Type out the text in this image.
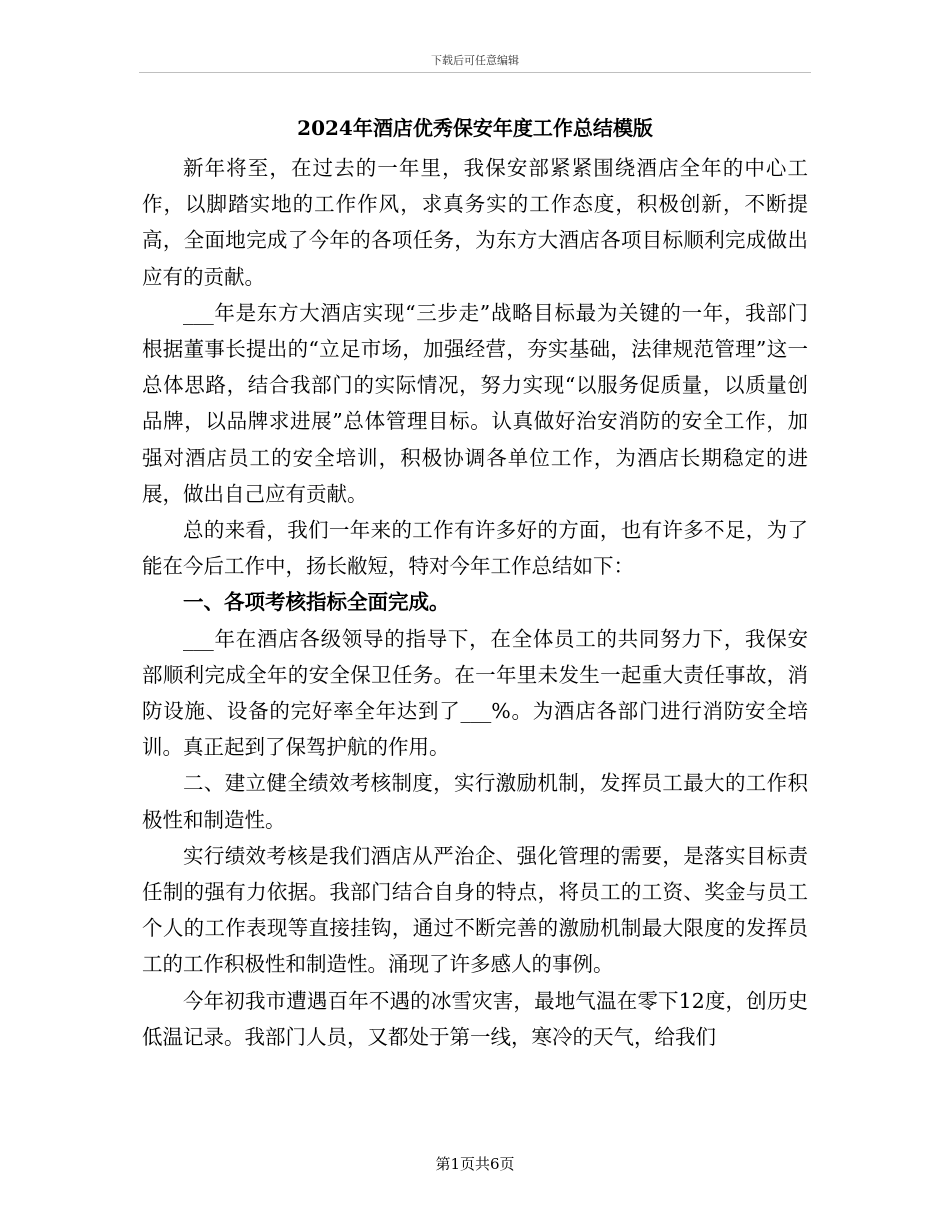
下载后可任意编辑
2024年酒店优秀保安年度工作总结模版

新年将至，在过去的一年里，我保安部紧紧围绕酒店全年的中心工作，以脚踏实地的工作作风，求真务实的工作态度，积极创新，不断提高，全面地完成了今年的各项任务，为东方大酒店各项目标顺利完成做出应有的贡献。

___年是东方大酒店实现“三步走”战略目标最为关键的一年，我部门根据董事长提出的“立足市场，加强经营，夯实基础，法律规范管理”这一总体思路，结合我部门的实际情况，努力实现“以服务促质量，以质量创品牌，以品牌求进展”总体管理目标。认真做好治安消防的安全工作，加强对酒店员工的安全培训，积极协调各单位工作，为酒店长期稳定的进展，做出自己应有贡献。

总的来看，我们一年来的工作有许多好的方面，也有许多不足，为了能在今后工作中，扬长敝短，特对今年工作总结如下：

一、各项考核指标全面完成。

___年在酒店各级领导的指导下，在全体员工的共同努力下，我保安部顺利完成全年的安全保卫任务。在一年里未发生一起重大责任事故，消防设施、设备的完好率全年达到了___%。为酒店各部门进行消防安全培训。真正起到了保驾护航的作用。

二、建立健全绩效考核制度，实行激励机制，发挥员工最大的工作积极性和制造性。

实行绩效考核是我们酒店从严治企、强化管理的需要，是落实目标责任制的强有力依据。我部门结合自身的特点，将员工的工资、奖金与员工个人的工作表现等直接挂钩，通过不断完善的激励机制最大限度的发挥员工的工作积极性和制造性。涌现了许多感人的事例。

今年初我市遭遇百年不遇的冰雪灾害，最地气温在零下12度，创历史低温记录。我部门人员，又都处于第一线，寒冷的天气，给我们

第1页共6页
